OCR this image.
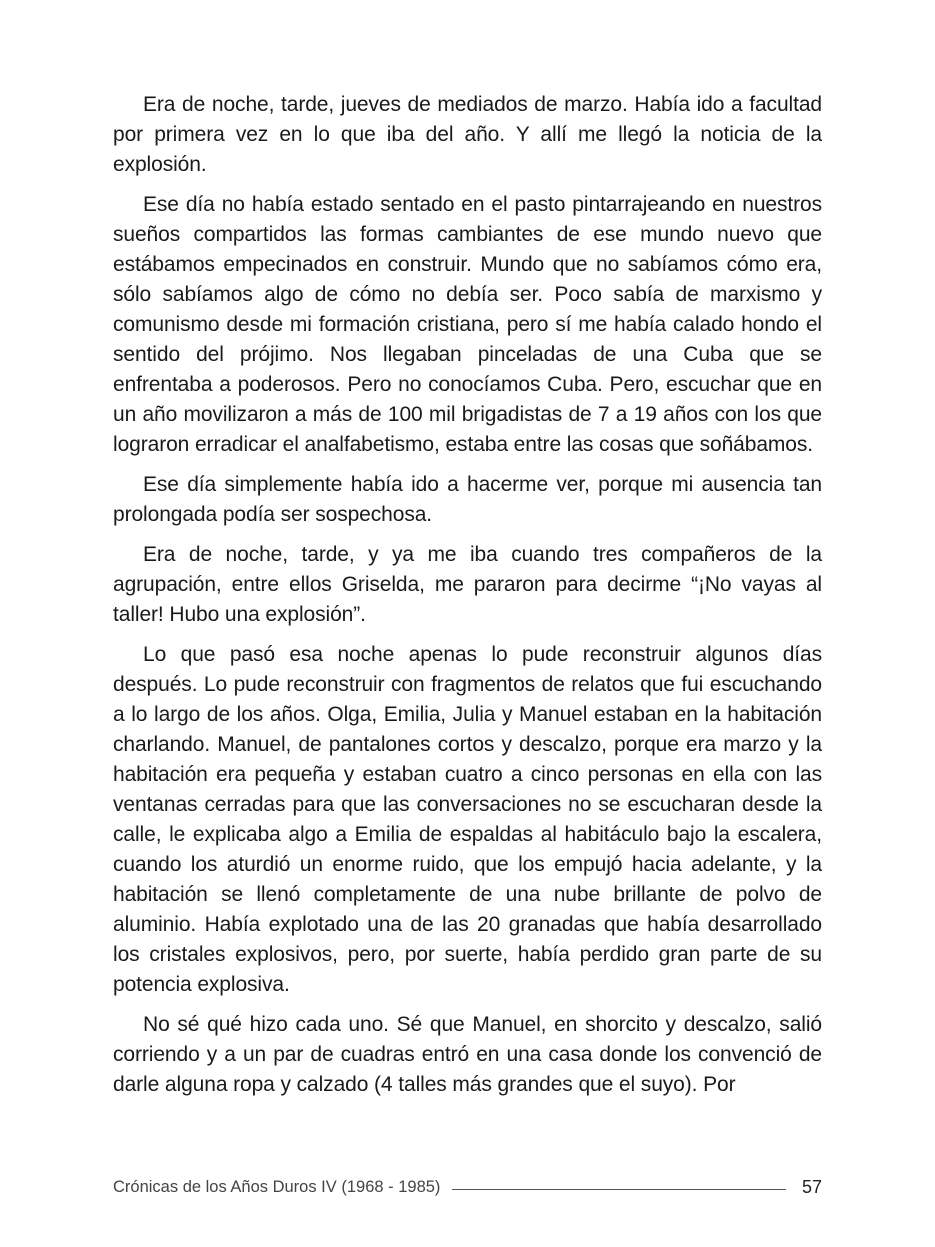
Era de noche, tarde, jueves de mediados de marzo. Había ido a facultad por primera vez en lo que iba del año. Y allí me llegó la noticia de la explosión.

Ese día no había estado sentado en el pasto pintarrajeando en nuestros sueños compartidos las formas cambiantes de ese mundo nuevo que estábamos empecinados en construir. Mundo que no sabíamos cómo era, sólo sabíamos algo de cómo no debía ser. Poco sabía de marxismo y comunismo desde mi formación cristiana, pero sí me había calado hondo el sentido del prójimo. Nos llegaban pinceladas de una Cuba que se enfrentaba a poderosos. Pero no conocíamos Cuba. Pero, escuchar que en un año movilizaron a más de 100 mil brigadistas de 7 a 19 años con los que lograron erradicar el analfabetismo, estaba entre las cosas que soñábamos.

Ese día simplemente había ido a hacerme ver, porque mi ausencia tan prolongada podía ser sospechosa.

Era de noche, tarde, y ya me iba cuando tres compañeros de la agrupación, entre ellos Griselda, me pararon para decirme “¡No vayas al taller! Hubo una explosión”.

Lo que pasó esa noche apenas lo pude reconstruir algunos días después. Lo pude reconstruir con fragmentos de relatos que fui escuchando a lo largo de los años. Olga, Emilia, Julia y Manuel estaban en la habitación charlando. Manuel, de pantalones cortos y descalzo, porque era marzo y la habitación era pequeña y estaban cuatro a cinco personas en ella con las ventanas cerradas para que las conversaciones no se escucharan desde la calle, le explicaba algo a Emilia de espaldas al habitáculo bajo la escalera, cuando los aturdió un enorme ruido, que los empujó hacia adelante, y la habitación se llenó completamente de una nube brillante de polvo de aluminio. Había explotado una de las 20 granadas que había desarrollado los cristales explosivos, pero, por suerte, había perdido gran parte de su potencia explosiva.

No sé qué hizo cada uno. Sé que Manuel, en shorcito y descalzo, salió corriendo y a un par de cuadras entró en una casa donde los convenció de darle alguna ropa y calzado (4 talles más grandes que el suyo). Por

Crónicas de los Años Duros IV (1968 - 1985)	57
